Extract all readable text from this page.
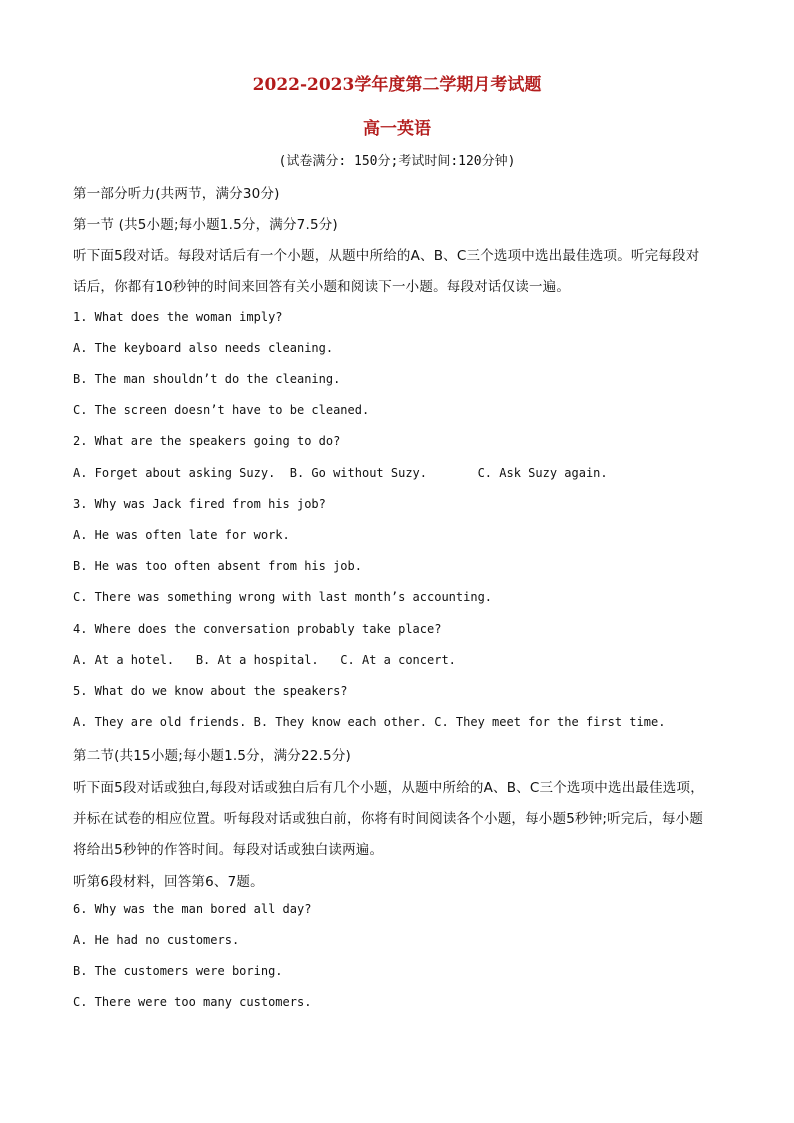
2022-2023学年度第二学期月考试题
高一英语
(试卷满分: 150分;考试时间:120分钟)
第一部分听力(共两节，满分30分)
第一节 (共5小题;每小题1.5分，满分7.5分)
听下面5段对话。每段对话后有一个小题，从题中所给的A、B、C三个选项中选出最佳选项。听完每段对
话后，你都有10秒钟的时间来回答有关小题和阅读下一小题。每段对话仅读一遍。
1. What does the woman imply?
A. The keyboard also needs cleaning.
B. The man shouldn’t do the cleaning.
C. The screen doesn’t have to be cleaned.
2. What are the speakers going to do?
A. Forget about asking Suzy.  B. Go without Suzy.       C. Ask Suzy again.
3. Why was Jack fired from his job?
A. He was often late for work.
B. He was too often absent from his job.
C. There was something wrong with last month’s accounting.
4. Where does the conversation probably take place?
A. At a hotel.   B. At a hospital.   C. At a concert.
5. What do we know about the speakers?
A. They are old friends. B. They know each other. C. They meet for the first time.
第二节(共15小题;每小题1.5分，满分22.5分)
听下面5段对话或独白,每段对话或独白后有几个小题，从题中所给的A、B、C三个选项中选出最佳选项，
并标在试卷的相应位置。听每段对话或独白前，你将有时间阅读各个小题，每小题5秒钟;听完后，每小题
将给出5秒钟的作答时间。每段对话或独白读两遍。
听第6段材料，回答第6、7题。
6. Why was the man bored all day?
A. He had no customers.
B. The customers were boring.
C. There were too many customers.
